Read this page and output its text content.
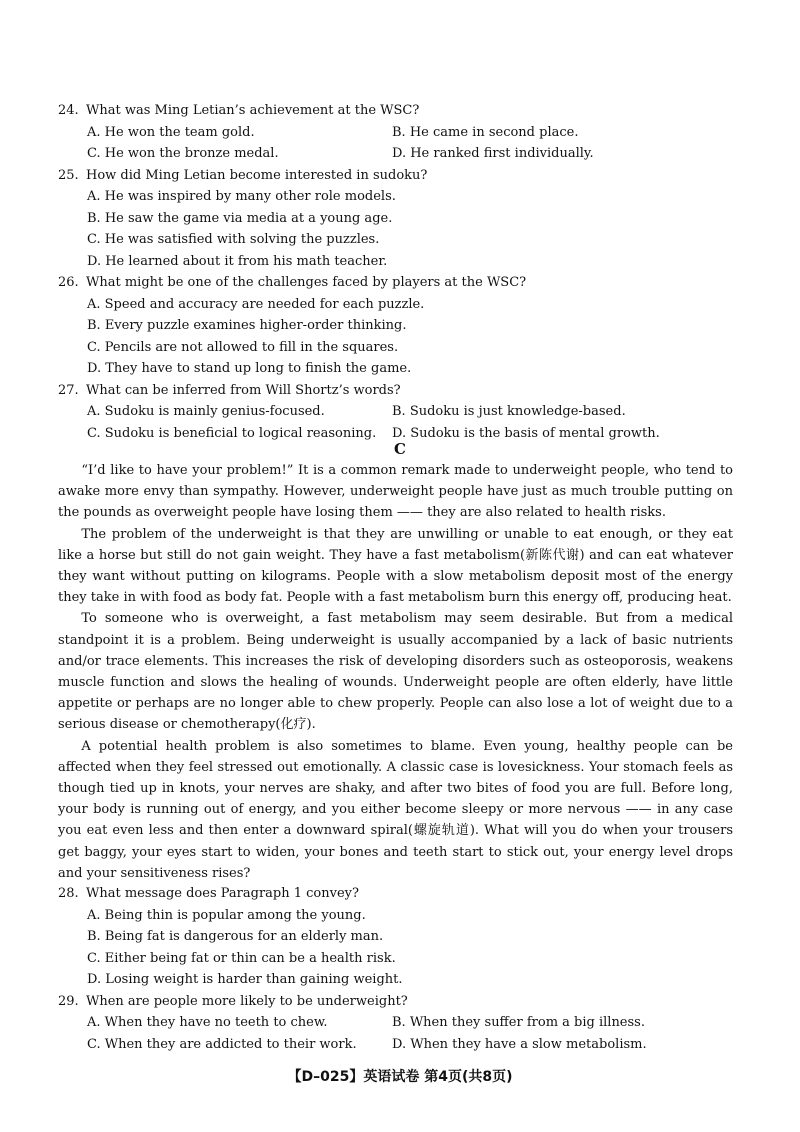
24. What was Ming Letian’s achievement at the WSC?
A. He won the team gold.	B. He came in second place.
C. He won the bronze medal.	D. He ranked first individually.
25. How did Ming Letian become interested in sudoku?
A. He was inspired by many other role models.
B. He saw the game via media at a young age.
C. He was satisfied with solving the puzzles.
D. He learned about it from his math teacher.
26. What might be one of the challenges faced by players at the WSC?
A. Speed and accuracy are needed for each puzzle.
B. Every puzzle examines higher-order thinking.
C. Pencils are not allowed to fill in the squares.
D. They have to stand up long to finish the game.
27. What can be inferred from Will Shortz’s words?
A. Sudoku is mainly genius-focused.	B. Sudoku is just knowledge-based.
C. Sudoku is beneficial to logical reasoning.	D. Sudoku is the basis of mental growth.
C

“I’d like to have your problem!” It is a common remark made to underweight people, who tend to awake more envy than sympathy. However, underweight people have just as much trouble putting on the pounds as overweight people have losing them —— they are also related to health risks.

The problem of the underweight is that they are unwilling or unable to eat enough, or they eat like a horse but still do not gain weight. They have a fast metabolism(新陈代谢) and can eat whatever they want without putting on kilograms. People with a slow metabolism deposit most of the energy they take in with food as body fat. People with a fast metabolism burn this energy off, producing heat.

To someone who is overweight, a fast metabolism may seem desirable. But from a medical standpoint it is a problem. Being underweight is usually accompanied by a lack of basic nutrients and/or trace elements. This increases the risk of developing disorders such as osteoporosis, weakens muscle function and slows the healing of wounds. Underweight people are often elderly, have little appetite or perhaps are no longer able to chew properly. People can also lose a lot of weight due to a serious disease or chemotherapy(化疗).

A potential health problem is also sometimes to blame. Even young, healthy people can be affected when they feel stressed out emotionally. A classic case is lovesickness. Your stomach feels as though tied up in knots, your nerves are shaky, and after two bites of food you are full. Before long, your body is running out of energy, and you either become sleepy or more nervous —— in any case you eat even less and then enter a downward spiral(螺旋轨道). What will you do when your trousers get baggy, your eyes start to widen, your bones and teeth start to stick out, your energy level drops and your sensitiveness rises?

28. What message does Paragraph 1 convey?
A. Being thin is popular among the young.
B. Being fat is dangerous for an elderly man.
C. Either being fat or thin can be a health risk.
D. Losing weight is harder than gaining weight.
29. When are people more likely to be underweight?
A. When they have no teeth to chew.	B. When they suffer from a big illness.
C. When they are addicted to their work.	D. When they have a slow metabolism.
【D–025】英语试卷 第4页(共8页)
